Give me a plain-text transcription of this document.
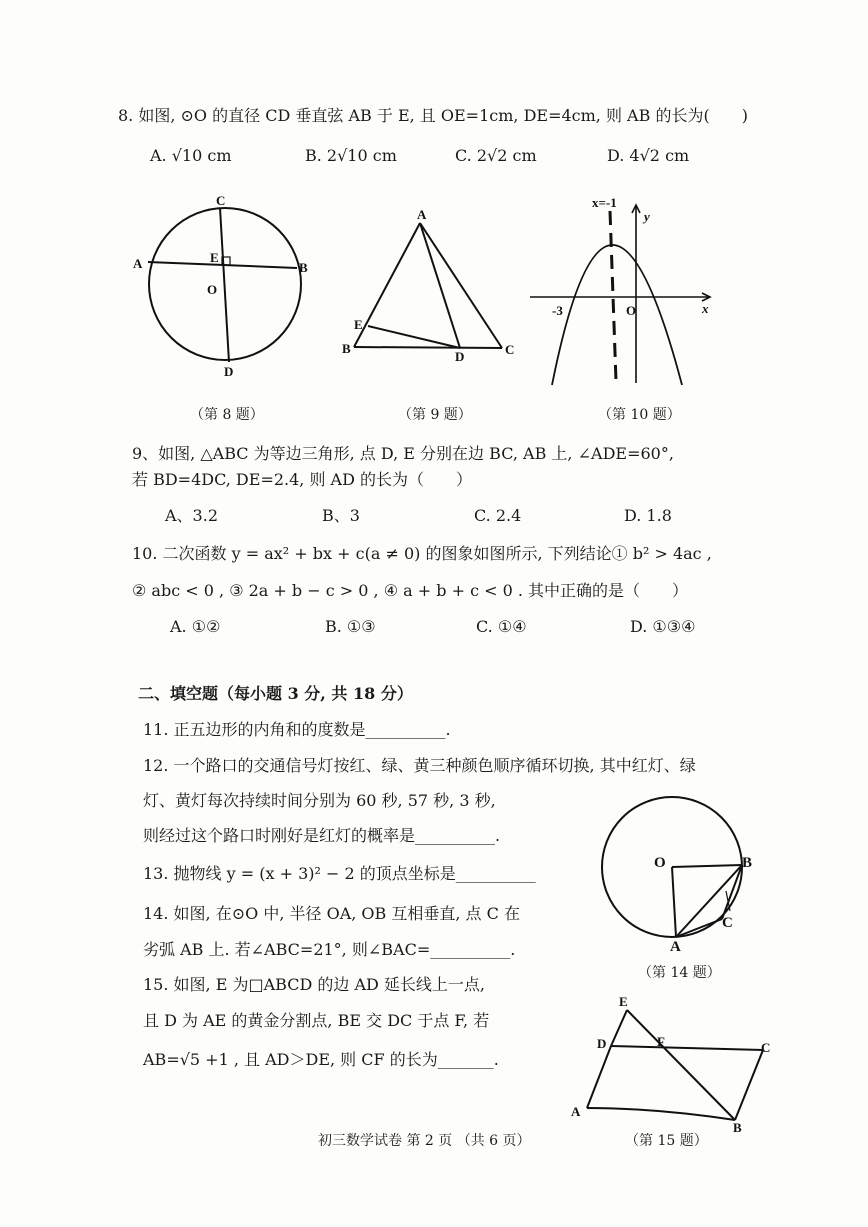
8. 如图, ⊙O 的直径 CD 垂直弦 AB 于 E, 且 OE=1cm, DE=4cm, 则 AB 的长为(　　)
A. √10 cm	B. 2√10 cm	C. 2√2 cm	D. 4√2 cm
C
A	E
B
O
D
（第 8 题）
A
E
B
D	C
（第 9 题）
x=-1
y
x
-3	O
（第 10 题）
9、如图, △ABC 为等边三角形, 点 D, E 分别在边 BC, AB 上, ∠ADE=60°,
若 BD=4DC, DE=2.4, 则 AD 的长为（　　）
A、3.2	B、3	C. 2.4	D. 1.8
10. 二次函数 y = ax² + bx + c(a ≠ 0) 的图象如图所示, 下列结论① b² > 4ac ,
② abc < 0 , ③ 2a + b − c > 0 , ④ a + b + c < 0 . 其中正确的是（　　）
A. ①②	B. ①③	C. ①④	D. ①③④
二、填空题（每小题 3 分, 共 18 分）
11. 正五边形的内角和的度数是__________.
12. 一个路口的交通信号灯按红、绿、黄三种颜色顺序循环切换, 其中红灯、绿
灯、黄灯每次持续时间分别为 60 秒, 57 秒, 3 秒,
则经过这个路口时刚好是红灯的概率是__________.
13. 抛物线 y = (x + 3)² − 2 的顶点坐标是__________
14. 如图, 在⊙O 中, 半径 OA, OB 互相垂直, 点 C 在
劣弧 AB 上. 若∠ABC=21°, 则∠BAC=__________.
O	B
C
A
（第 14 题）
15. 如图, E 为□ABCD 的边 AD 延长线上一点,
且 D 为 AE 的黄金分割点, BE 交 DC 于点 F, 若
AB=√5 +1 , 且 AD＞DE, 则 CF 的长为_______.
E
D	F	C
A
B
初三数学试卷 第 2 页 （共 6 页）	（第 15 题）
